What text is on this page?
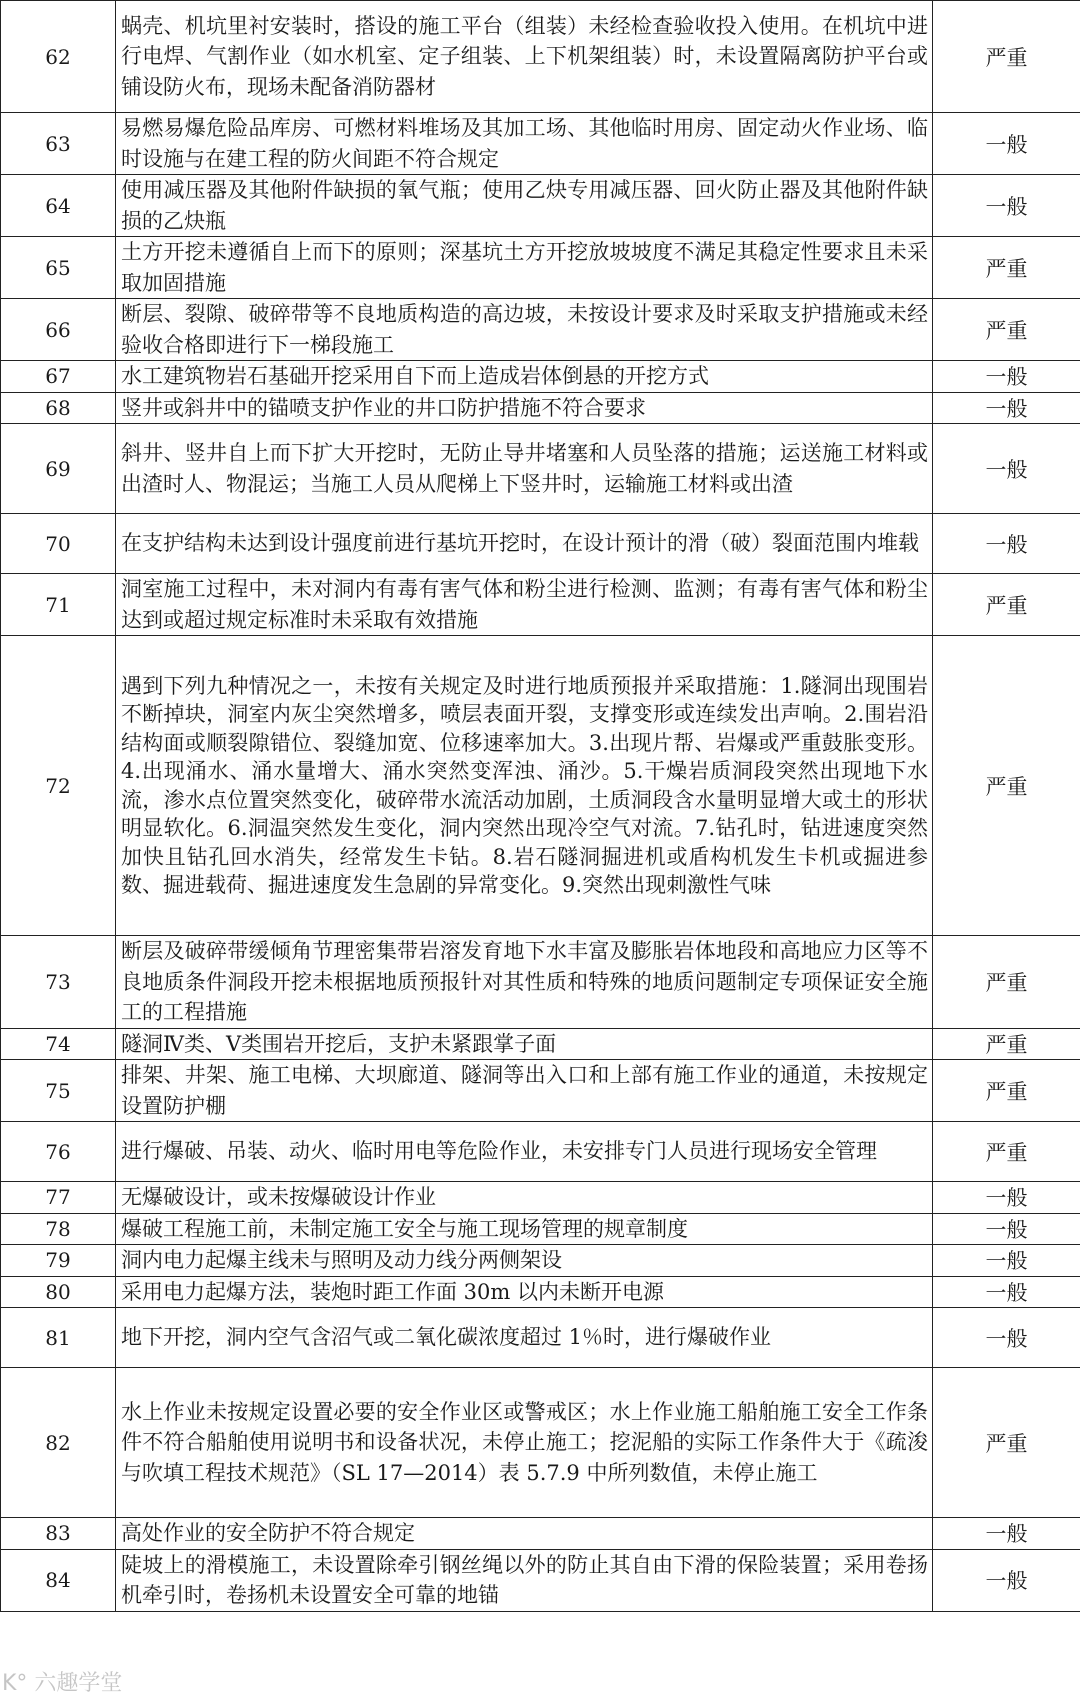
62	蜗壳、机坑里衬安装时，搭设的施工平台（组装）未经检查验收投入使用。在机坑中进行电焊、气割作业（如水机室、定子组装、上下机架组装）时，未设置隔离防护平台或铺设防火布，现场未配备消防器材	严重
63	易燃易爆危险品库房、可燃材料堆场及其加工场、其他临时用房、固定动火作业场、临时设施与在建工程的防火间距不符合规定	一般
64	使用减压器及其他附件缺损的氧气瓶；使用乙炔专用减压器、回火防止器及其他附件缺损的乙炔瓶	一般
65	土方开挖未遵循自上而下的原则；深基坑土方开挖放坡坡度不满足其稳定性要求且未采取加固措施	严重
66	断层、裂隙、破碎带等不良地质构造的高边坡，未按设计要求及时采取支护措施或未经验收合格即进行下一梯段施工	严重
67	水工建筑物岩石基础开挖采用自下而上造成岩体倒悬的开挖方式	一般
68	竖井或斜井中的锚喷支护作业的井口防护措施不符合要求	一般
69	斜井、竖井自上而下扩大开挖时，无防止导井堵塞和人员坠落的措施；运送施工材料或出渣时人、物混运；当施工人员从爬梯上下竖井时，运输施工材料或出渣	一般
70	在支护结构未达到设计强度前进行基坑开挖时，在设计预计的滑（破）裂面范围内堆载	一般
71	洞室施工过程中，未对洞内有毒有害气体和粉尘进行检测、监测；有毒有害气体和粉尘达到或超过规定标准时未采取有效措施	严重
72	遇到下列九种情况之一，未按有关规定及时进行地质预报并采取措施：1.隧洞出现围岩不断掉块，洞室内灰尘突然增多，喷层表面开裂，支撑变形或连续发出声响。2.围岩沿结构面或顺裂隙错位、裂缝加宽、位移速率加大。3.出现片帮、岩爆或严重鼓胀变形。4.出现涌水、涌水量增大、涌水突然变浑浊、涌沙。5.干燥岩质洞段突然出现地下水流，渗水点位置突然变化，破碎带水流活动加剧，土质洞段含水量明显增大或土的形状明显软化。6.洞温突然发生变化，洞内突然出现冷空气对流。7.钻孔时，钻进速度突然加快且钻孔回水消失，经常发生卡钻。8.岩石隧洞掘进机或盾构机发生卡机或掘进参数、掘进载荷、掘进速度发生急剧的异常变化。9.突然出现刺激性气味	严重
73	断层及破碎带缓倾角节理密集带岩溶发育地下水丰富及膨胀岩体地段和高地应力区等不良地质条件洞段开挖未根据地质预报针对其性质和特殊的地质问题制定专项保证安全施工的工程措施	严重
74	隧洞Ⅳ类、Ⅴ类围岩开挖后，支护未紧跟掌子面	严重
75	排架、井架、施工电梯、大坝廊道、隧洞等出入口和上部有施工作业的通道，未按规定设置防护棚	严重
76	进行爆破、吊装、动火、临时用电等危险作业，未安排专门人员进行现场安全管理	严重
77	无爆破设计，或未按爆破设计作业	一般
78	爆破工程施工前，未制定施工安全与施工现场管理的规章制度	一般
79	洞内电力起爆主线未与照明及动力线分两侧架设	一般
80	采用电力起爆方法，装炮时距工作面 30m 以内未断开电源	一般
81	地下开挖，洞内空气含沼气或二氧化碳浓度超过 1％时，进行爆破作业	一般
82	水上作业未按规定设置必要的安全作业区或警戒区；水上作业施工船舶施工安全工作条件不符合船舶使用说明书和设备状况，未停止施工；挖泥船的实际工作条件大于《疏浚与吹填工程技术规范》（SL 17—2014）表 5.7.9 中所列数值，未停止施工	严重
83	高处作业的安全防护不符合规定	一般
84	陡坡上的滑模施工，未设置除牵引钢丝绳以外的防止其自由下滑的保险装置；采用卷扬机牵引时，卷扬机未设置安全可靠的地锚	一般
K° 六趣学堂
